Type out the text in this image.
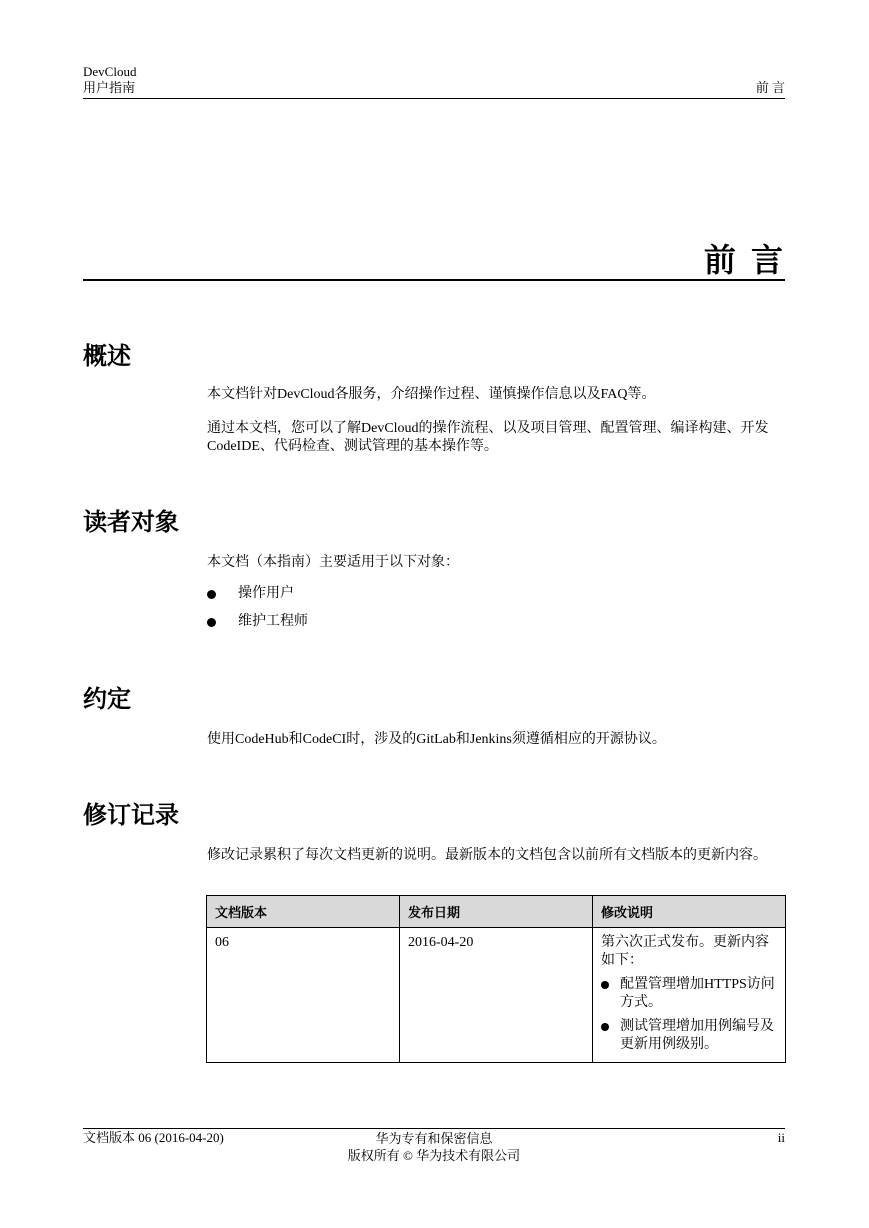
DevCloud
用户指南	前 言
前 言
概述
本文档针对DevCloud各服务，介绍操作过程、谨慎操作信息以及FAQ等。
通过本文档，您可以了解DevCloud的操作流程、以及项目管理、配置管理、编译构建、开发CodeIDE、代码检查、测试管理的基本操作等。
读者对象
本文档（本指南）主要适用于以下对象：
操作用户
维护工程师
约定
使用CodeHub和CodeCI时，涉及的GitLab和Jenkins须遵循相应的开源协议。
修订记录
修改记录累积了每次文档更新的说明。最新版本的文档包含以前所有文档版本的更新内容。
文档版本	发布日期	修改说明
06	2016-04-20	第六次正式发布。更新内容如下：
配置管理增加HTTPS访问方式。
测试管理增加用例编号及更新用例级别。
文档版本 06 (2016-04-20)	华为专有和保密信息
版权所有 © 华为技术有限公司
ii
